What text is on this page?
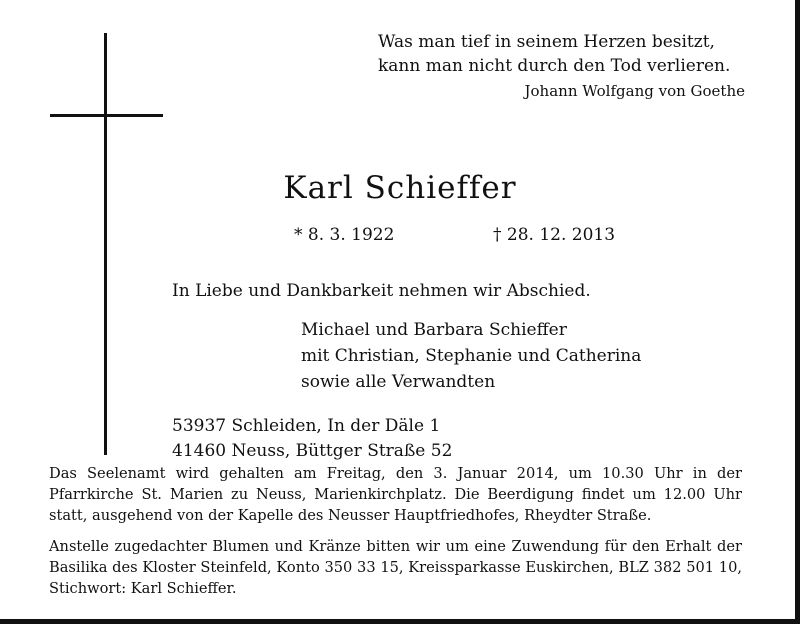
Was man tief in seinem Herzen besitzt,
kann man nicht durch den Tod verlieren.
Johann Wolfgang von Goethe
Karl Schieffer
* 8. 3. 1922	† 28. 12. 2013
In Liebe und Dankbarkeit nehmen wir Abschied.
Michael und Barbara Schieffer
mit Christian, Stephanie und Catherina
sowie alle Verwandten
53937 Schleiden, In der Däle 1
41460 Neuss, Büttger Straße 52
Das Seelenamt wird gehalten am Freitag, den 3. Januar 2014, um 10.30 Uhr in der Pfarrkirche St. Marien zu Neuss, Marienkirchplatz. Die Beerdigung findet um 12.00 Uhr statt, ausgehend von der Kapelle des Neusser Hauptfriedhofes, Rheydter Straße.
Anstelle zugedachter Blumen und Kränze bitten wir um eine Zuwendung für den Erhalt der Basilika des Kloster Steinfeld, Konto 350 33 15, Kreissparkasse Euskirchen, BLZ 382 501 10, Stichwort: Karl Schieffer.
